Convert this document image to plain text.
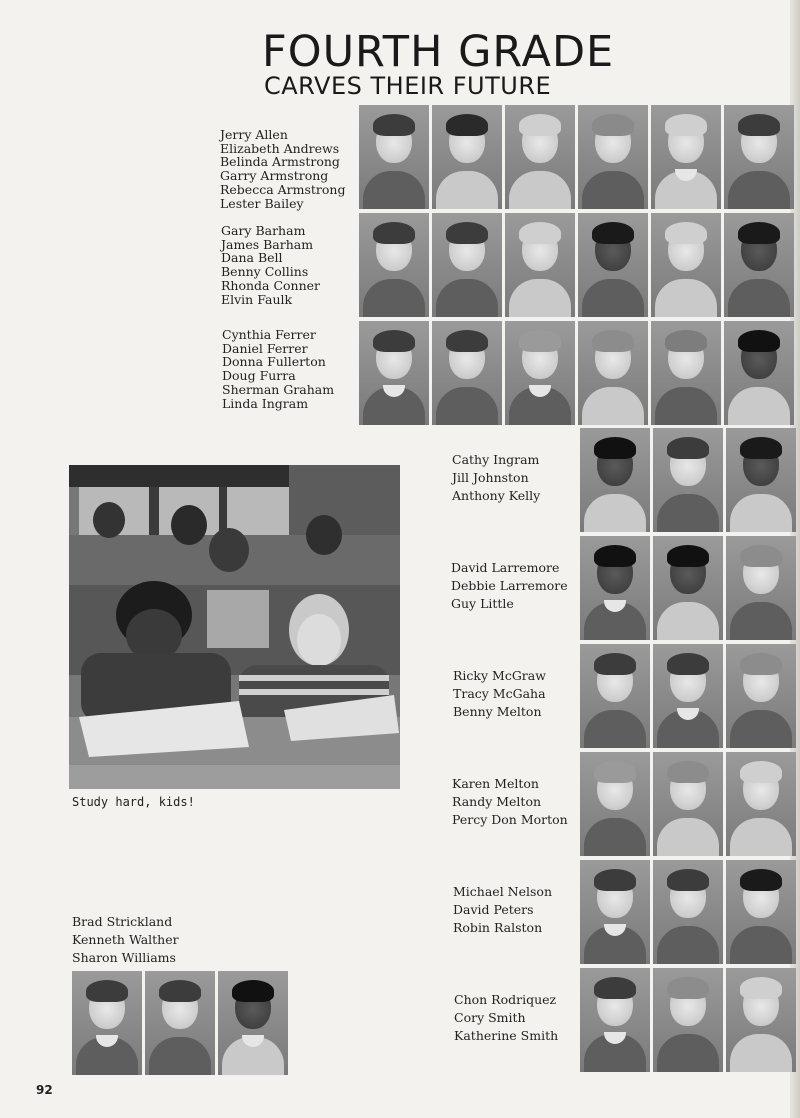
FOURTH GRADE
CARVES THEIR FUTURE
Jerry Allen
Elizabeth Andrews
Belinda Armstrong
Garry Armstrong
Rebecca Armstrong
Lester Bailey
Gary Barham
James Barham
Dana Bell
Benny Collins
Rhonda Conner
Elvin Faulk
Cynthia Ferrer
Daniel Ferrer
Donna Fullerton
Doug Furra
Sherman Graham
Linda Ingram
Cathy Ingram
Jill Johnston
Anthony Kelly
David Larremore
Debbie Larremore
Guy Little
Ricky McGraw
Tracy McGaha
Benny Melton
Karen Melton
Randy Melton
Percy Don Morton
Michael Nelson
David Peters
Robin Ralston
Chon Rodriquez
Cory Smith
Katherine Smith
Brad Strickland
Kenneth Walther
Sharon Williams

Study hard, kids!

92
